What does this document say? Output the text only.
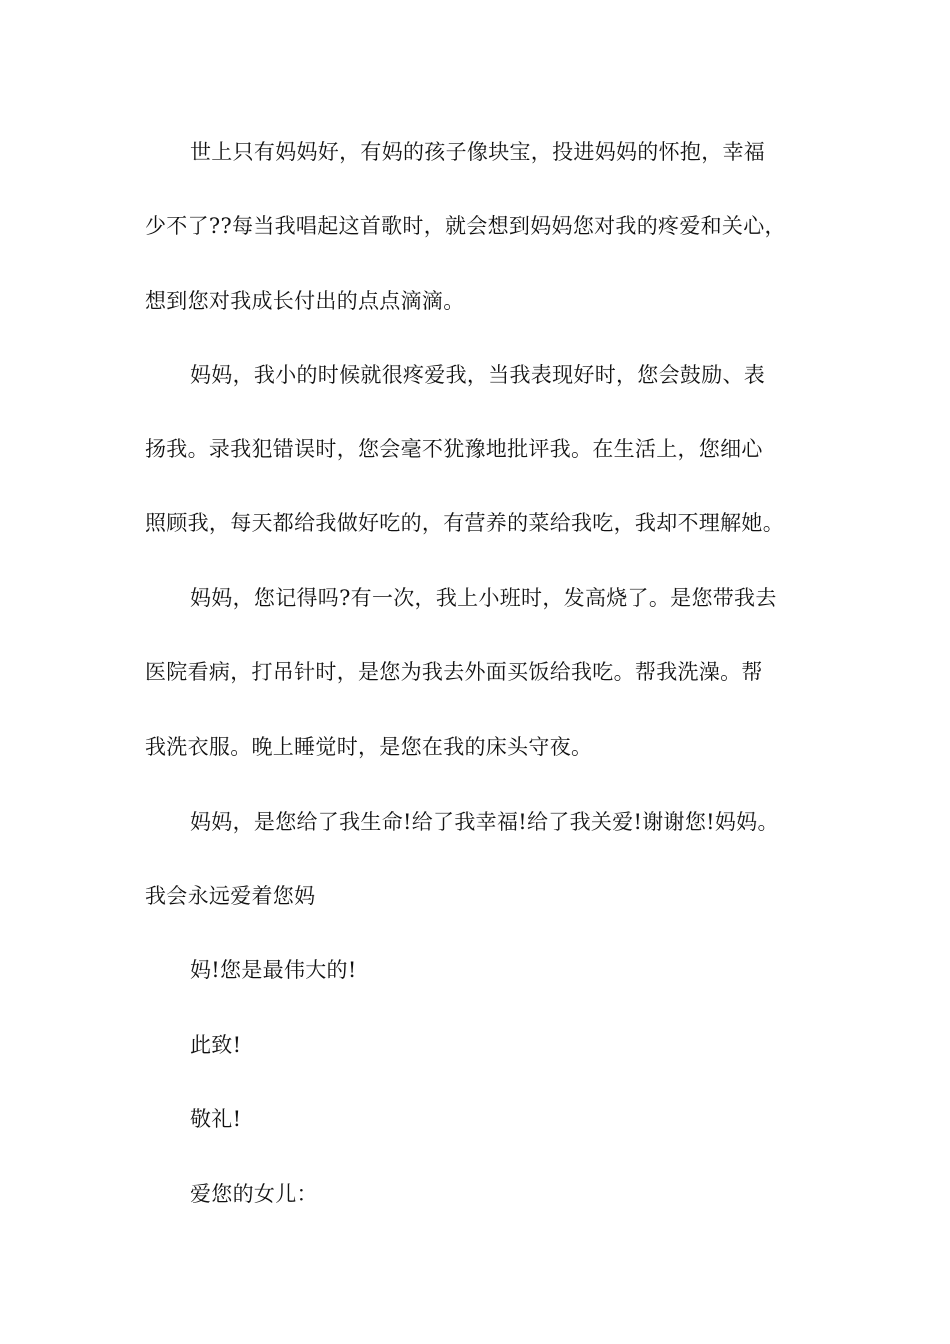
世上只有妈妈好，有妈的孩子像块宝，投进妈妈的怀抱，幸福
少不了??每当我唱起这首歌时，就会想到妈妈您对我的疼爱和关心，
想到您对我成长付出的点点滴滴。
妈妈，我小的时候就很疼爱我，当我表现好时，您会鼓励、表
扬我。录我犯错误时，您会毫不犹豫地批评我。在生活上，您细心
照顾我，每天都给我做好吃的，有营养的菜给我吃，我却不理解她。
妈妈，您记得吗?有一次，我上小班时，发高烧了。是您带我去
医院看病，打吊针时，是您为我去外面买饭给我吃。帮我洗澡。帮
我洗衣服。晚上睡觉时，是您在我的床头守夜。
妈妈，是您给了我生命!给了我幸福!给了我关爱!谢谢您!妈妈。
我会永远爱着您妈
妈!您是最伟大的!
此致!
敬礼!
爱您的女儿：
